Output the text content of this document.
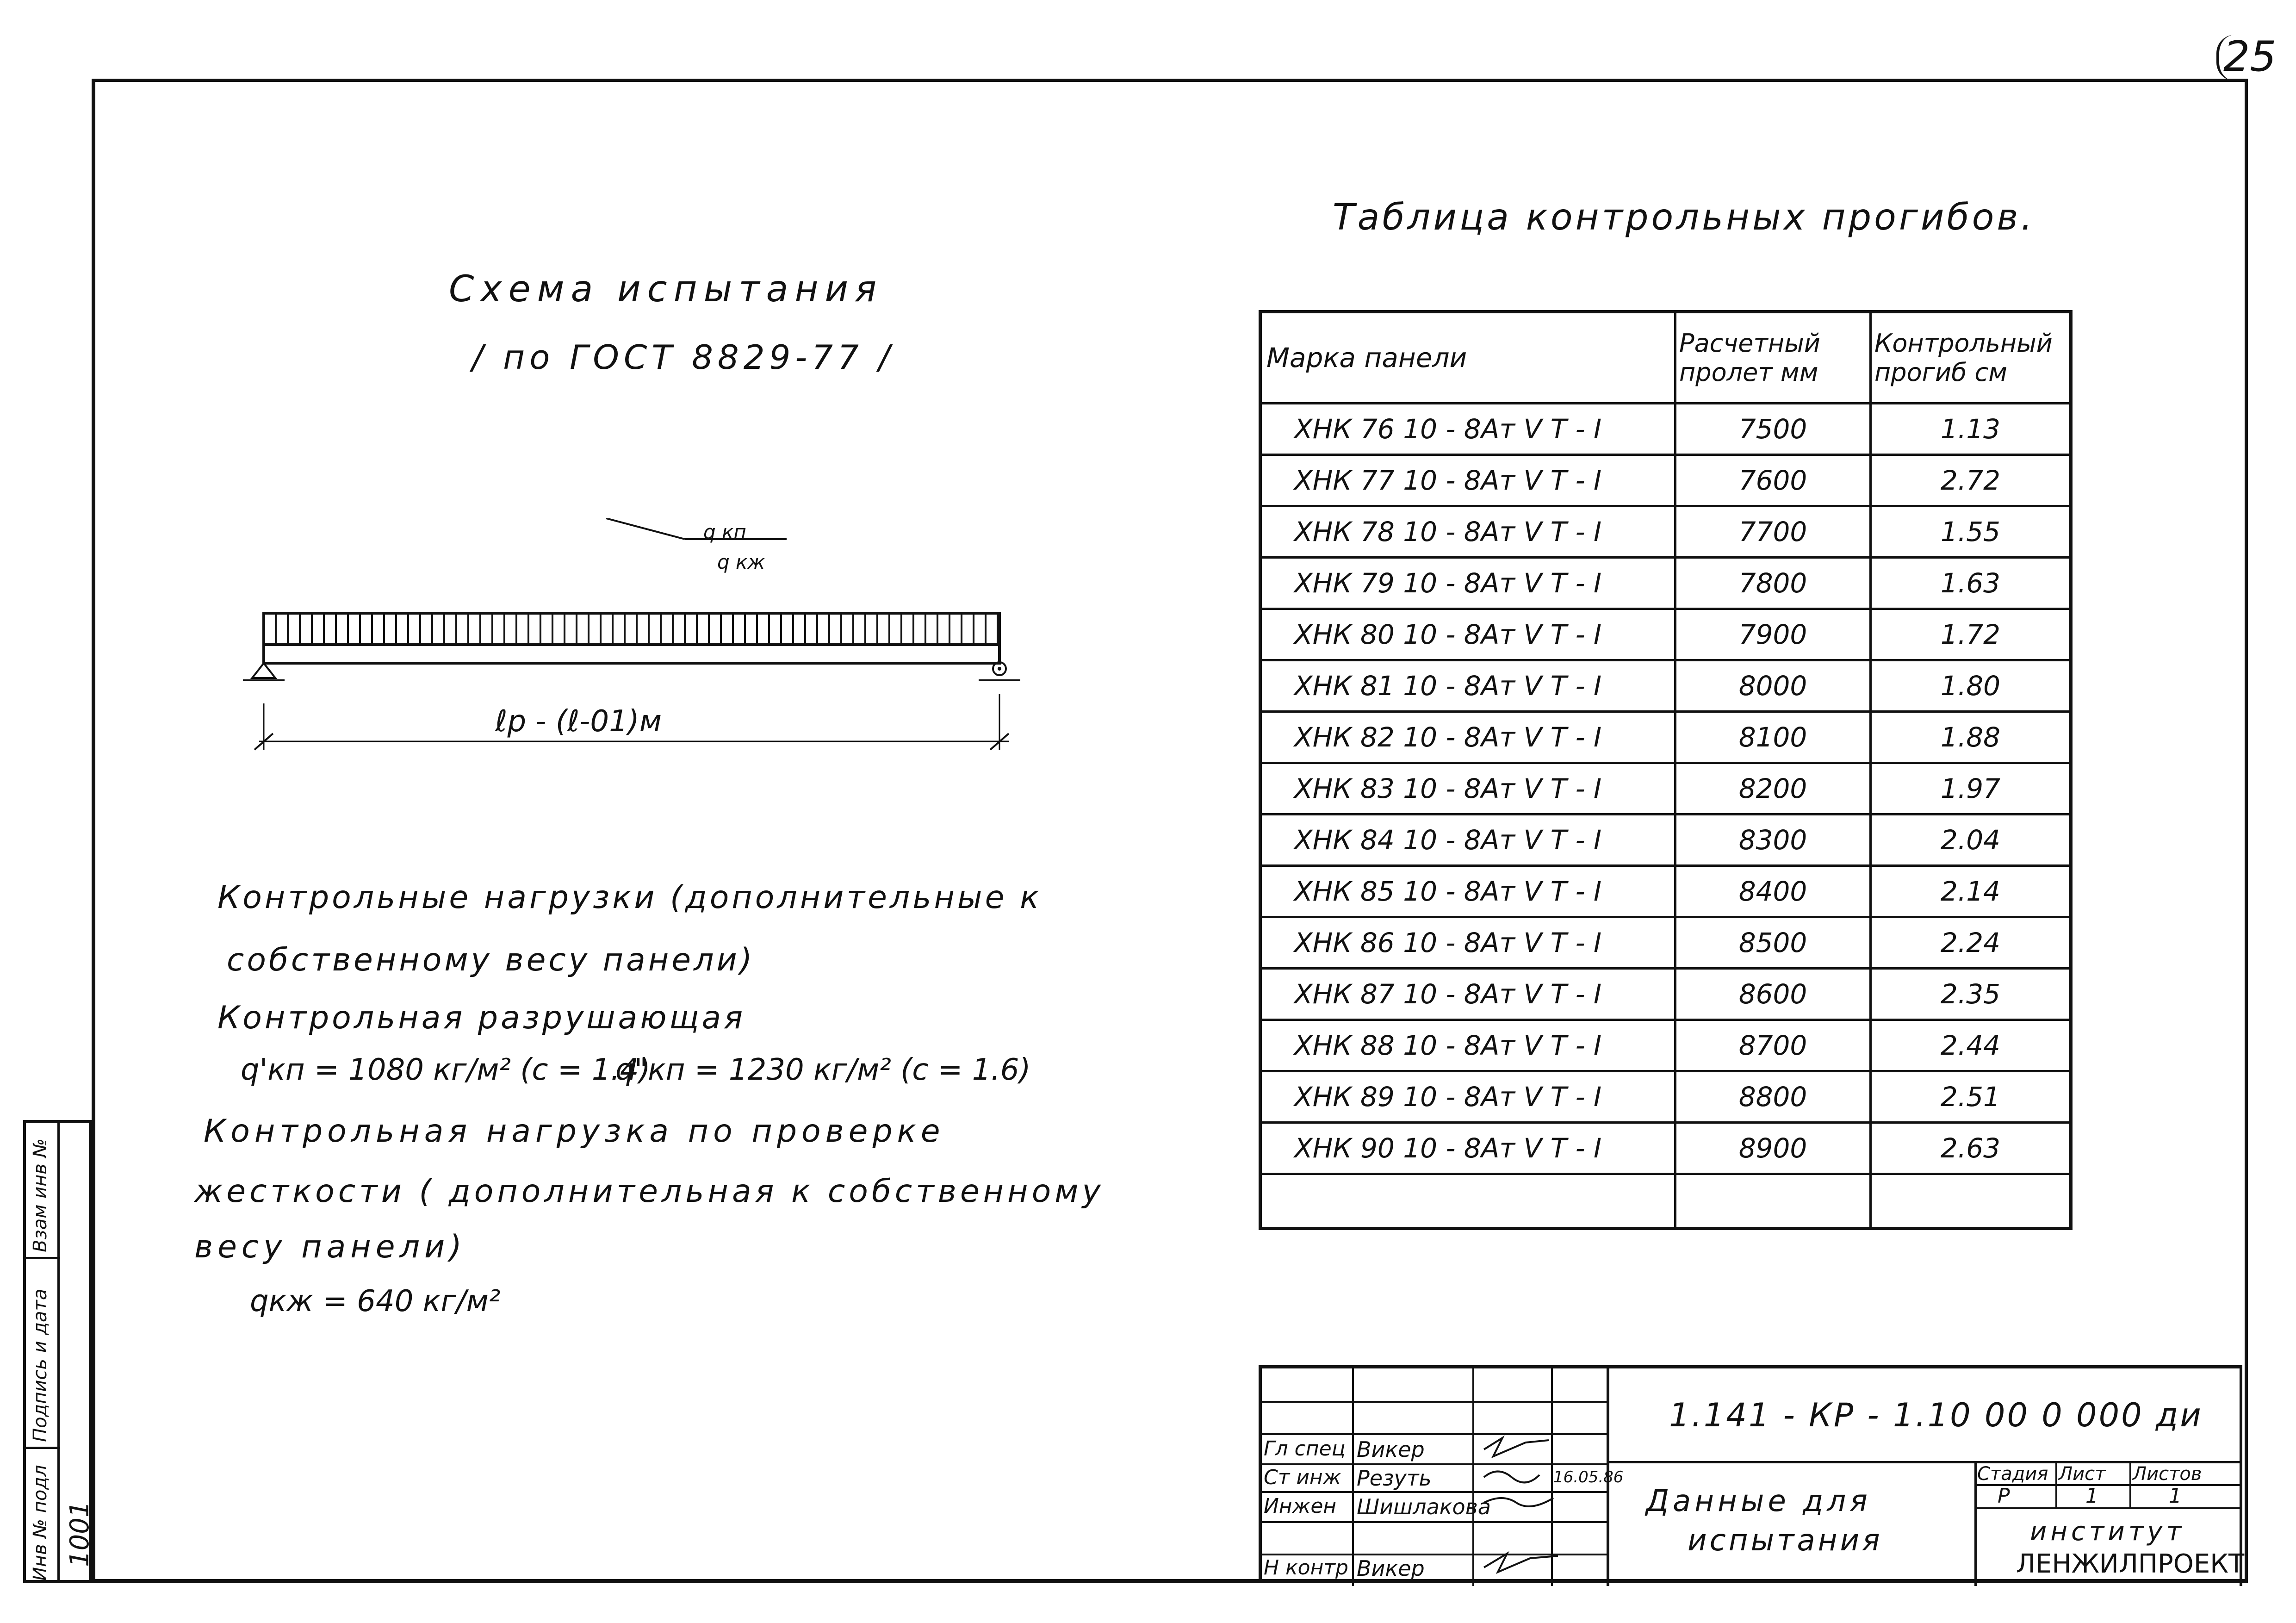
25
Взам инв №
Подпись и дата
Инв № подл 1001
Схема испытания
/ по ГОСТ 8829-77 /
q кп
q кж
ℓр - (ℓ-01)м
Контрольные нагрузки (дополнительные к
собственному весу панели)
Контрольная разрушающая
q'кп = 1080 кг/м² (с = 1.4)
q"кп = 1230 кг/м² (с = 1.6)
Контрольная нагрузка по проверке
жесткости ( дополнительная к собственному
весу панели)
qкж = 640 кг/м²
Таблица контрольных прогибов.
Марка панели	Расчетный пролет мм	Контрольный прогиб см
ХНК 76 10 - 8Ат V Т - I	7500	1.13
ХНК 77 10 - 8Ат V Т - I	7600	2.72
ХНК 78 10 - 8Ат V Т - I	7700	1.55
ХНК 79 10 - 8Ат V Т - I	7800	1.63
ХНК 80 10 - 8Ат V Т - I	7900	1.72
ХНК 81 10 - 8Ат V Т - I	8000	1.80
ХНК 82 10 - 8Ат V Т - I	8100	1.88
ХНК 83 10 - 8Ат V Т - I	8200	1.97
ХНК 84 10 - 8Ат V Т - I	8300	2.04
ХНК 85 10 - 8Ат V Т - I	8400	2.14
ХНК 86 10 - 8Ат V Т - I	8500	2.24
ХНК 87 10 - 8Ат V Т - I	8600	2.35
ХНК 88 10 - 8Ат V Т - I	8700	2.44
ХНК 89 10 - 8Ат V Т - I	8800	2.51
ХНК 90 10 - 8Ат V Т - I	8900	2.63

1.141 - КР - 1.10 00 0 000 ди
Данные для
испытания
Стадия Лист Листов
Р	1	1
институт
ЛЕНЖИЛПРОЕКТ
Гл спец Викер
Ст инж Резуть	16.05.86
Инжен Шишлакова
Н контр Викер
